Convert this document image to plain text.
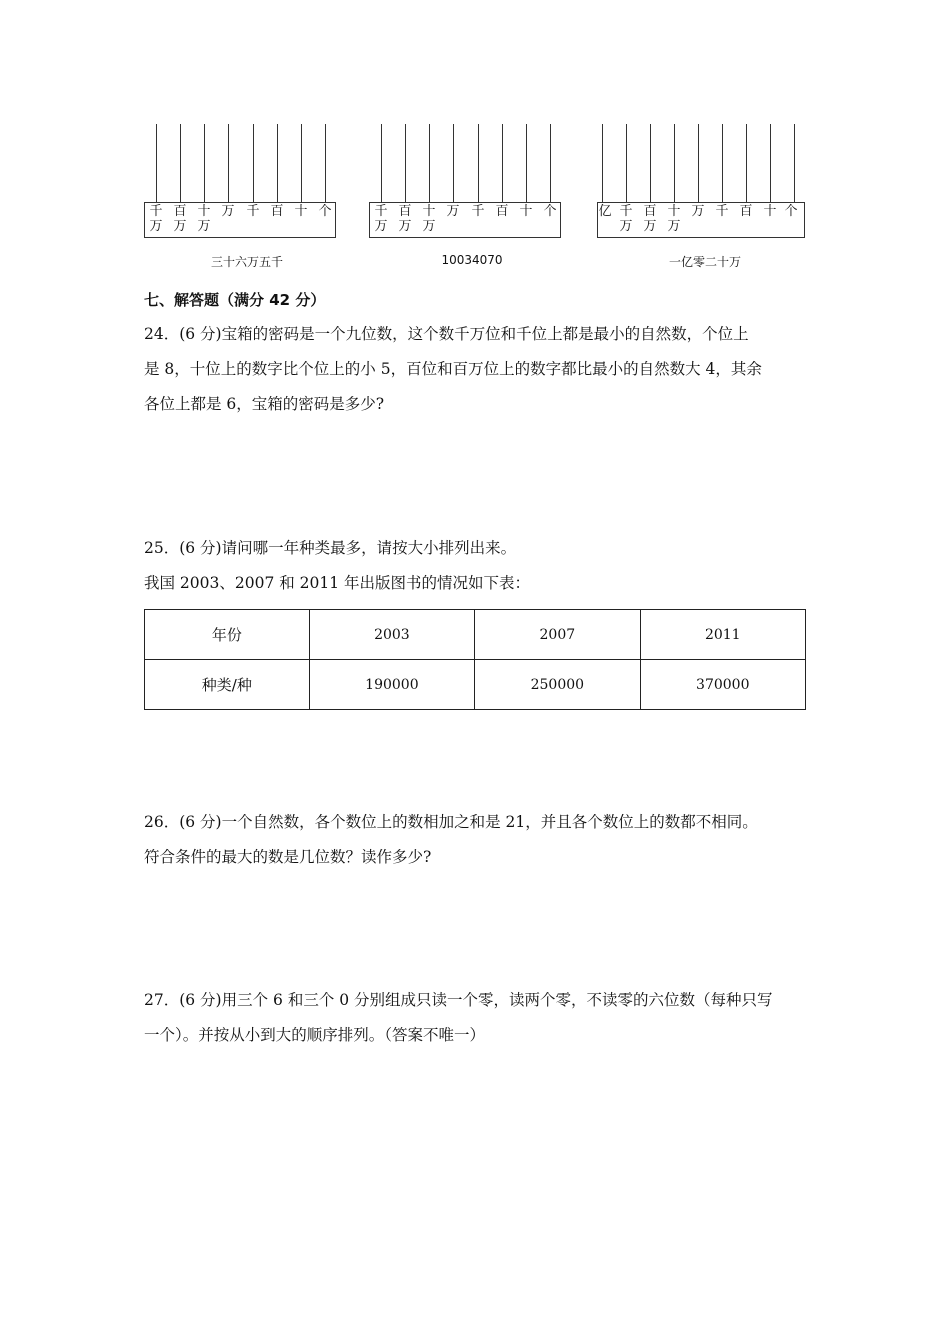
千
万
百
万
十
万
万 千 百 十 个
三十六万五千
千
万
百
万
十
万
万 千 百 十 个
10034070
亿 千
万
百
万
十
万
万 千 百 十 个
一亿零二十万
七、解答题（满分 42 分）
24．(6 分)宝箱的密码是一个九位数，这个数千万位和千位上都是最小的自然数，个位上
是 8，十位上的数字比个位上的小 5，百位和百万位上的数字都比最小的自然数大 4，其余
各位上都是 6，宝箱的密码是多少?
25．(6 分)请问哪一年种类最多，请按大小排列出来。
我国 2003、2007 和 2011 年出版图书的情况如下表：
年份	2003	2007	2011
种类/种	190000	250000	370000
26．(6 分)一个自然数，各个数位上的数相加之和是 21，并且各个数位上的数都不相同。
符合条件的最大的数是几位数？读作多少?
27．(6 分)用三个 6 和三个 0 分别组成只读一个零，读两个零，不读零的六位数（每种只写
一个）。并按从小到大的顺序排列。（答案不唯一）
